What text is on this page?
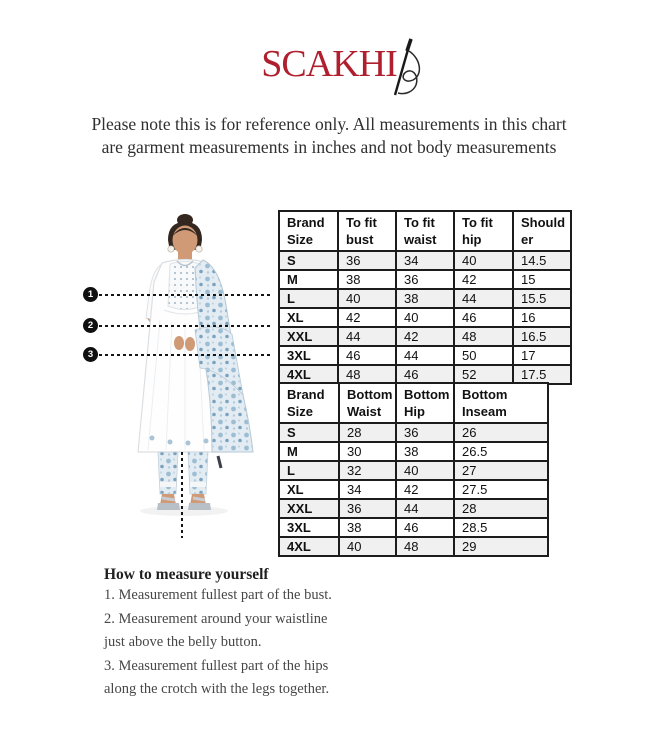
SCAKHI
Please note this is for reference only. All measurements in this chart
are garment measurements in inches and not body measurements
1
2
3
Brand Size	To fit bust	To fit waist	To fit hip	Shoulder
S	36	34	40	14.5
M	38	36	42	15
L	40	38	44	15.5
XL	42	40	46	16
XXL	44	42	48	16.5
3XL	46	44	50	17
4XL	48	46	52	17.5
Brand Size	Bottom Waist	Bottom Hip	Bottom Inseam
S	28	36	26
M	30	38	26.5
L	32	40	27
XL	34	42	27.5
XXL	36	44	28
3XL	38	46	28.5
4XL	40	48	29
How to measure yourself
1. Measurement fullest part of the bust.
2. Measurement around your waistline
just above the belly button.
3. Measurement fullest part of the hips
along the crotch with the legs together.
